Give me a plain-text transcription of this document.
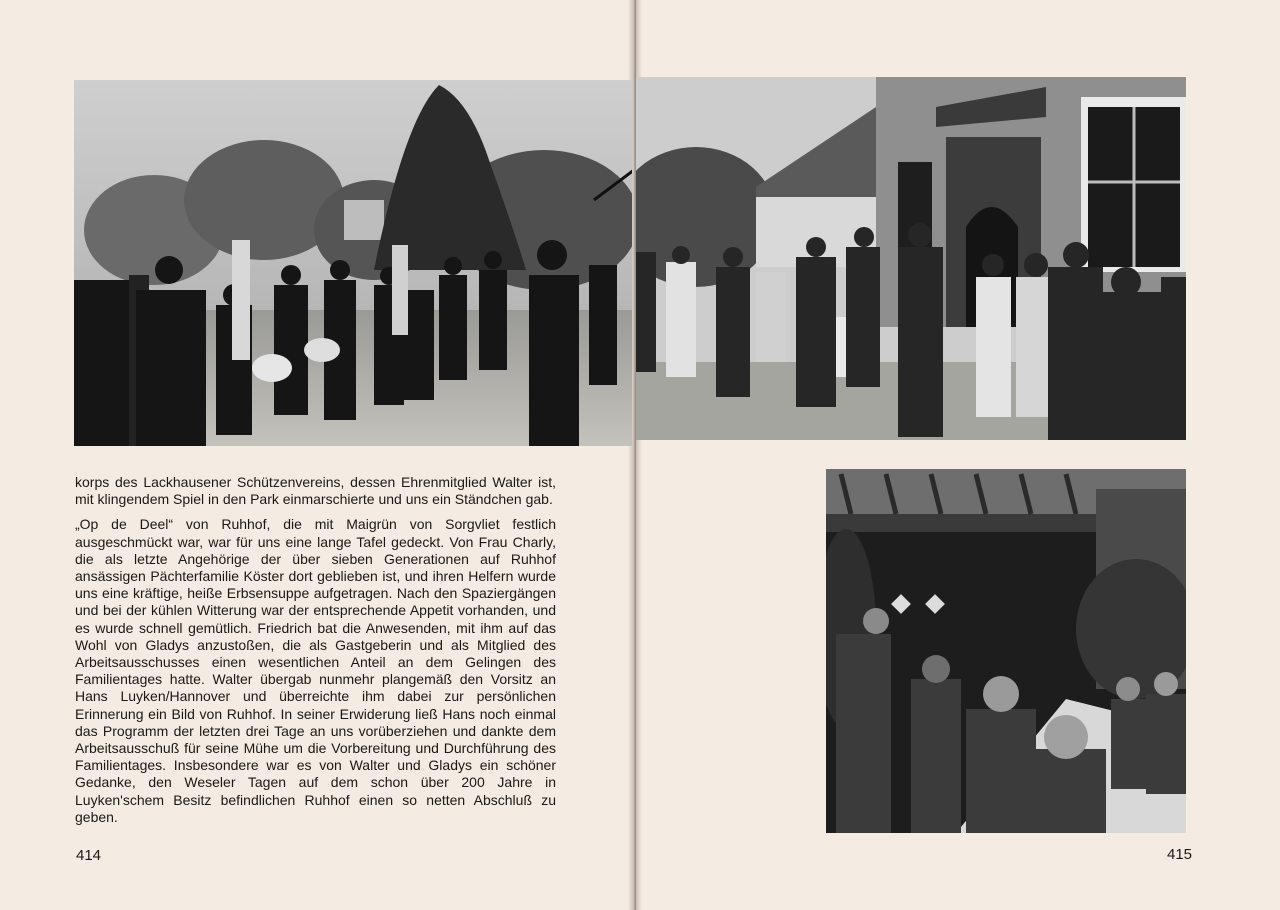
korps des Lackhausener Schützenvereins, dessen Ehrenmitglied Walter ist, mit klingendem Spiel in den Park einmarschierte und uns ein Ständchen gab.

„Op de Deel“ von Ruhhof, die mit Maigrün von Sorgvliet festlich ausgeschmückt war, war für uns eine lange Tafel gedeckt. Von Frau Charly, die als letzte Angehörige der über sieben Generationen auf Ruhhof ansässigen Pächterfamilie Köster dort geblieben ist, und ihren Helfern wurde uns eine kräftige, heiße Erbsensuppe aufgetragen. Nach den Spaziergängen und bei der kühlen Witterung war der entsprechende Appetit vorhanden, und es wurde schnell gemütlich. Friedrich bat die Anwesenden, mit ihm auf das Wohl von Gladys anzustoßen, die als Gastgeberin und als Mitglied des Arbeitsausschusses einen wesentlichen Anteil an dem Gelingen des Familientages hatte. Walter übergab nunmehr plangemäß den Vorsitz an Hans Luyken/Hannover und überreichte ihm dabei zur persönlichen Erinnerung ein Bild von Ruhhof. In seiner Erwiderung ließ Hans noch einmal das Programm der letzten drei Tage an uns vorüberziehen und dankte dem Arbeitsausschuß für seine Mühe um die Vorbereitung und Durchführung des Familientages. Insbesondere war es von Walter und Gladys ein schöner Gedanke, den Weseler Tagen auf dem schon über 200 Jahre in Luyken'schem Besitz befindlichen Ruhhof einen so netten Abschluß zu geben.

414	415
